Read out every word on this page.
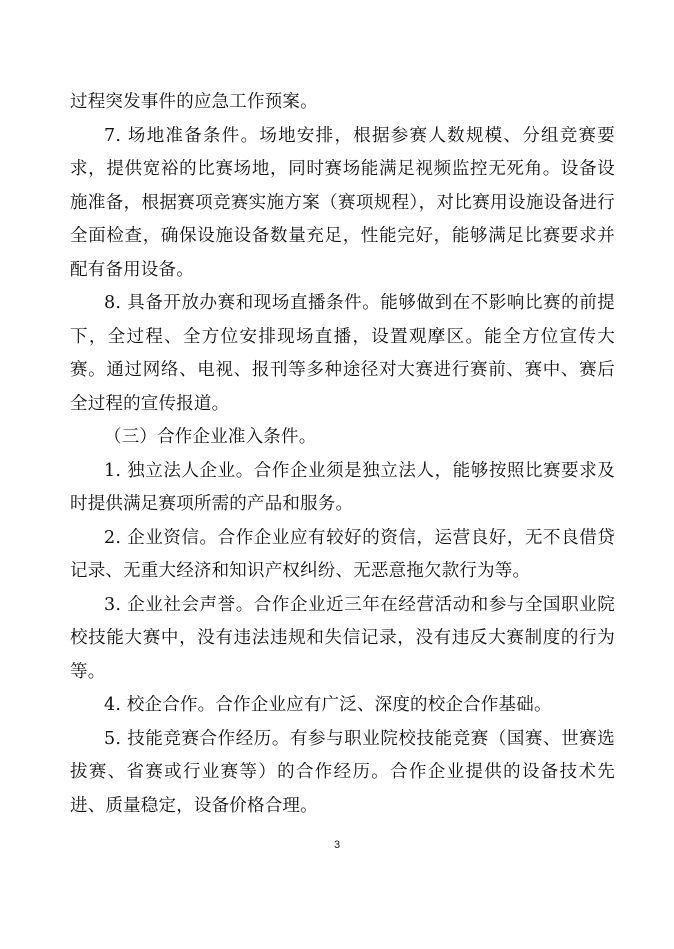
过程突发事件的应急工作预案。

7. 场地准备条件。场地安排，根据参赛人数规模、分组竞赛要求，提供宽裕的比赛场地，同时赛场能满足视频监控无死角。设备设施准备，根据赛项竞赛实施方案（赛项规程），对比赛用设施设备进行全面检查，确保设施设备数量充足，性能完好，能够满足比赛要求并配有备用设备。

8. 具备开放办赛和现场直播条件。能够做到在不影响比赛的前提下，全过程、全方位安排现场直播，设置观摩区。能全方位宣传大赛。通过网络、电视、报刊等多种途径对大赛进行赛前、赛中、赛后全过程的宣传报道。

（三）合作企业准入条件。

1. 独立法人企业。合作企业须是独立法人，能够按照比赛要求及时提供满足赛项所需的产品和服务。

2. 企业资信。合作企业应有较好的资信，运营良好，无不良借贷记录、无重大经济和知识产权纠纷、无恶意拖欠款行为等。

3. 企业社会声誉。合作企业近三年在经营活动和参与全国职业院校技能大赛中，没有违法违规和失信记录，没有违反大赛制度的行为等。

4. 校企合作。合作企业应有广泛、深度的校企合作基础。

5. 技能竞赛合作经历。有参与职业院校技能竞赛（国赛、世赛选拔赛、省赛或行业赛等）的合作经历。合作企业提供的设备技术先进、质量稳定，设备价格合理。

3
